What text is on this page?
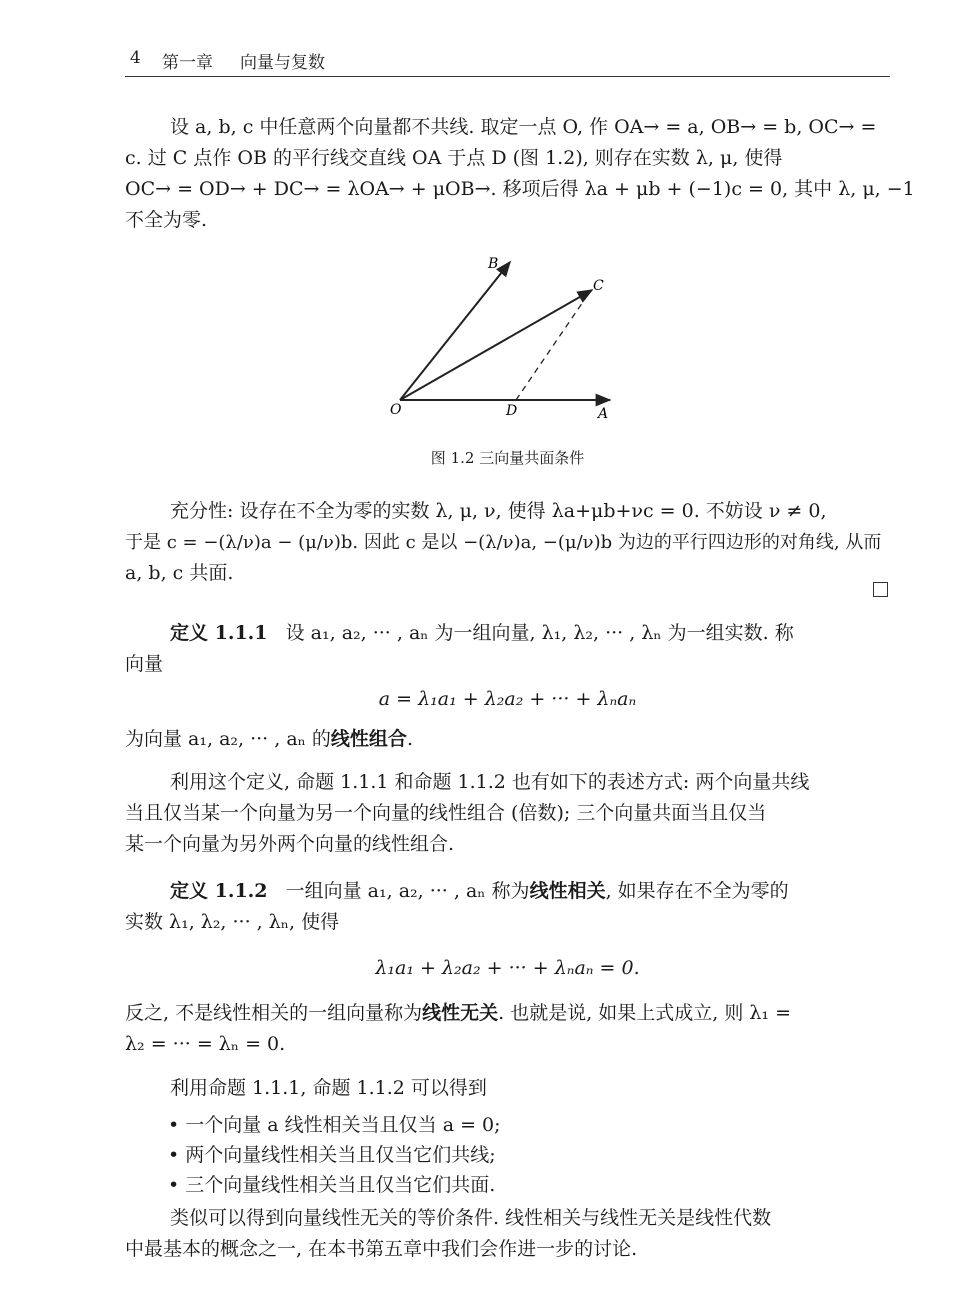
4 第一章 向量与复数

设 a, b, c 中任意两个向量都不共线. 取定一点 O, 作 OA→ = a, OB→ = b, OC→ =
c. 过 C 点作 OB 的平行线交直线 OA 于点 D (图 1.2), 则存在实数 λ, μ, 使得
OC→ = OD→ + DC→ = λOA→ + μOB→. 移项后得 λa + μb + (−1)c = 0, 其中 λ, μ, −1
不全为零.

B
C
O	D	A
图 1.2 三向量共面条件

充分性: 设存在不全为零的实数 λ, μ, ν, 使得 λa+μb+νc = 0. 不妨设 ν ≠ 0,
于是 c = −(λ/ν)a − (μ/ν)b. 因此 c 是以 −(λ/ν)a, −(μ/ν)b 为边的平行四边形的对角线, 从而
a, b, c 共面.

定义 1.1.1 设 a₁, a₂, ··· , aₙ 为一组向量, λ₁, λ₂, ··· , λₙ 为一组实数. 称
向量

a = λ₁a₁ + λ₂a₂ + ··· + λₙaₙ

为向量 a₁, a₂, ··· , aₙ 的线性组合.

利用这个定义, 命题 1.1.1 和命题 1.1.2 也有如下的表述方式: 两个向量共线
当且仅当某一个向量为另一个向量的线性组合 (倍数); 三个向量共面当且仅当
某一个向量为另外两个向量的线性组合.

定义 1.1.2 一组向量 a₁, a₂, ··· , aₙ 称为线性相关, 如果存在不全为零的
实数 λ₁, λ₂, ··· , λₙ, 使得

λ₁a₁ + λ₂a₂ + ··· + λₙaₙ = 0.

反之, 不是线性相关的一组向量称为线性无关. 也就是说, 如果上式成立, 则 λ₁ =
λ₂ = ··· = λₙ = 0.

利用命题 1.1.1, 命题 1.1.2 可以得到

• 一个向量 a 线性相关当且仅当 a = 0;
• 两个向量线性相关当且仅当它们共线;
• 三个向量线性相关当且仅当它们共面.

类似可以得到向量线性无关的等价条件. 线性相关与线性无关是线性代数
中最基本的概念之一, 在本书第五章中我们会作进一步的讨论.
